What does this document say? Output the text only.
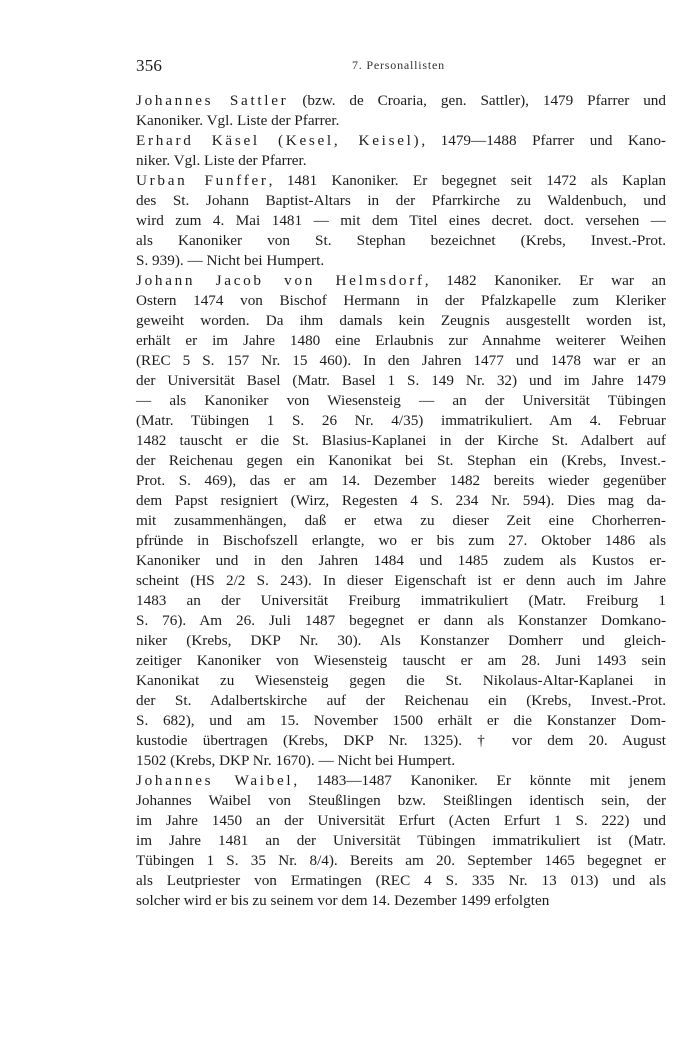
356	7. Personallisten

Johannes Sattler (bzw. de Croaria, gen. Sattler), 1479 Pfarrer und
Kanoniker. Vgl. Liste der Pfarrer.

Erhard Käsel (Kesel, Keisel), 1479—1488 Pfarrer und Kano-
niker. Vgl. Liste der Pfarrer.

Urban Funffer, 1481 Kanoniker. Er begegnet seit 1472 als Kaplan
des St. Johann Baptist-Altars in der Pfarrkirche zu Waldenbuch, und
wird zum 4. Mai 1481 — mit dem Titel eines decret. doct. versehen —
als Kanoniker von St. Stephan bezeichnet (Krebs, Invest.-Prot.
S. 939). — Nicht bei Humpert.

Johann Jacob von Helmsdorf, 1482 Kanoniker. Er war an
Ostern 1474 von Bischof Hermann in der Pfalzkapelle zum Kleriker
geweiht worden. Da ihm damals kein Zeugnis ausgestellt worden ist,
erhält er im Jahre 1480 eine Erlaubnis zur Annahme weiterer Weihen
(REC 5 S. 157 Nr. 15 460). In den Jahren 1477 und 1478 war er an
der Universität Basel (Matr. Basel 1 S. 149 Nr. 32) und im Jahre 1479
— als Kanoniker von Wiesensteig — an der Universität Tübingen
(Matr. Tübingen 1 S. 26 Nr. 4/35) immatrikuliert. Am 4. Februar
1482 tauscht er die St. Blasius-Kaplanei in der Kirche St. Adalbert auf
der Reichenau gegen ein Kanonikat bei St. Stephan ein (Krebs, Invest.-
Prot. S. 469), das er am 14. Dezember 1482 bereits wieder gegenüber
dem Papst resigniert (Wirz, Regesten 4 S. 234 Nr. 594). Dies mag da-
mit zusammenhängen, daß er etwa zu dieser Zeit eine Chorherren-
pfründe in Bischofszell erlangte, wo er bis zum 27. Oktober 1486 als
Kanoniker und in den Jahren 1484 und 1485 zudem als Kustos er-
scheint (HS 2/2 S. 243). In dieser Eigenschaft ist er denn auch im Jahre
1483 an der Universität Freiburg immatrikuliert (Matr. Freiburg 1
S. 76). Am 26. Juli 1487 begegnet er dann als Konstanzer Domkano-
niker (Krebs, DKP Nr. 30). Als Konstanzer Domherr und gleich-
zeitiger Kanoniker von Wiesensteig tauscht er am 28. Juni 1493 sein
Kanonikat zu Wiesensteig gegen die St. Nikolaus-Altar-Kaplanei in
der St. Adalbertskirche auf der Reichenau ein (Krebs, Invest.-Prot.
S. 682), und am 15. November 1500 erhält er die Konstanzer Dom-
kustodie übertragen (Krebs, DKP Nr. 1325). † vor dem 20. August
1502 (Krebs, DKP Nr. 1670). — Nicht bei Humpert.

Johannes Waibel, 1483—1487 Kanoniker. Er könnte mit jenem
Johannes Waibel von Steußlingen bzw. Steißlingen identisch sein, der
im Jahre 1450 an der Universität Erfurt (Acten Erfurt 1 S. 222) und
im Jahre 1481 an der Universität Tübingen immatrikuliert ist (Matr.
Tübingen 1 S. 35 Nr. 8/4). Bereits am 20. September 1465 begegnet er
als Leutpriester von Ermatingen (REC 4 S. 335 Nr. 13 013) und als
solcher wird er bis zu seinem vor dem 14. Dezember 1499 erfolgten
